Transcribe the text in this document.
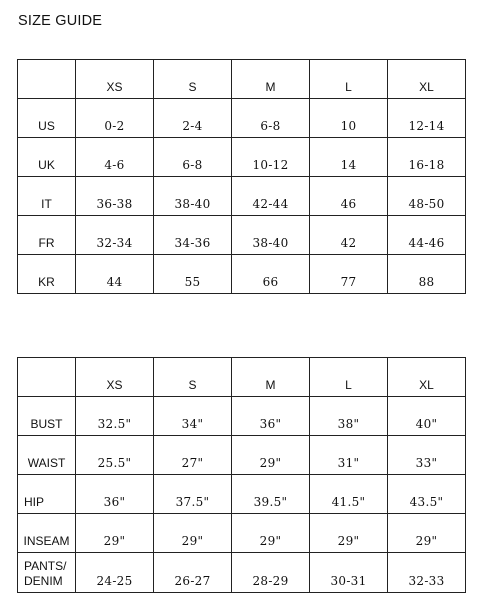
SIZE GUIDE
	XS	S	M	L	XL
US	0-2	2-4	6-8	10	12-14
UK	4-6	6-8	10-12	14	16-18
IT	36-38	38-40	42-44	46	48-50
FR	32-34	34-36	38-40	42	44-46
KR	44	55	66	77	88
	XS	S	M	L	XL
BUST	32.5"	34"	36"	38"	40"
WAIST	25.5"	27"	29"	31"	33"
HIP	36"	37.5"	39.5"	41.5"	43.5"
INSEAM	29"	29"	29"	29"	29"
PANTS/
DENIM	24-25	26-27	28-29	30-31	32-33
